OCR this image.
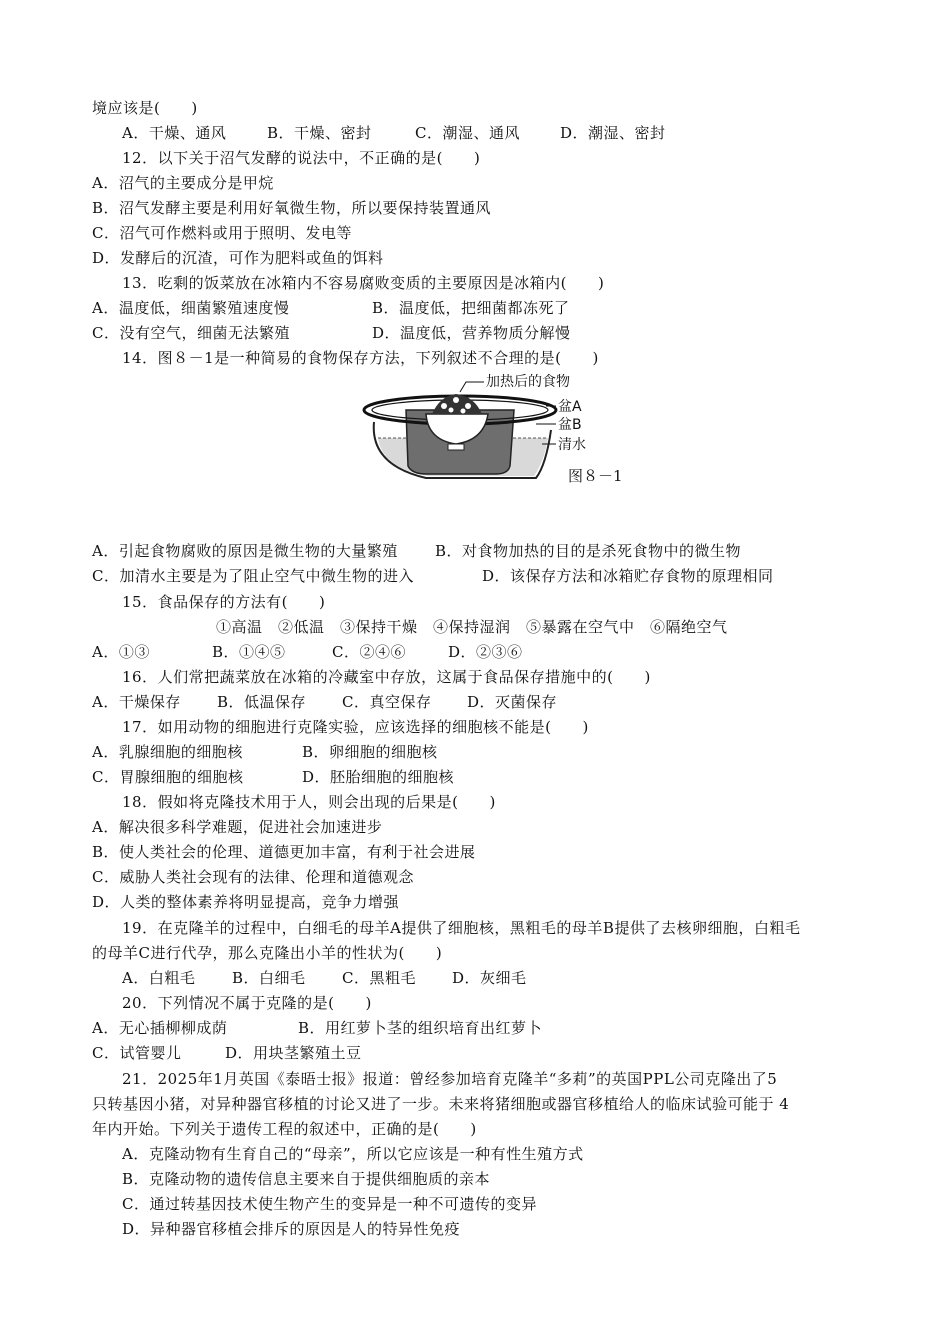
境应该是(　　)
A．干燥、通风	B．干燥、密封	C．潮湿、通风	D．潮湿、密封
12．以下关于沼气发酵的说法中，不正确的是(　　)
A．沼气的主要成分是甲烷
B．沼气发酵主要是利用好氧微生物，所以要保持装置通风
C．沼气可作燃料或用于照明、发电等
D．发酵后的沉渣，可作为肥料或鱼的饵料
13．吃剩的饭菜放在冰箱内不容易腐败变质的主要原因是冰箱内(　　)
A．温度低，细菌繁殖速度慢	B．温度低，把细菌都冻死了
C．没有空气，细菌无法繁殖	D．温度低，营养物质分解慢
14．图８－1是一种简易的食物保存方法，下列叙述不合理的是(　　)
加热后的食物
盆A
盆B
清水
图８－1
A．引起食物腐败的原因是微生物的大量繁殖 B．对食物加热的目的是杀死食物中的微生物
C．加清水主要是为了阻止空气中微生物的进入	D．该保存方法和冰箱贮存食物的原理相同
15．食品保存的方法有(　　)
①高温　②低温　③保持干燥　④保持湿润　⑤暴露在空气中　⑥隔绝空气
A．①③	B．①④⑤	C．②④⑥	D．②③⑥
16．人们常把蔬菜放在冰箱的冷藏室中存放，这属于食品保存措施中的(　　)
A．干燥保存 B．低温保存 C．真空保存 D．灭菌保存
17．如用动物的细胞进行克隆实验，应该选择的细胞核不能是(　　)
A．乳腺细胞的细胞核	B．卵细胞的细胞核
C．胃腺细胞的细胞核	D．胚胎细胞的细胞核
18．假如将克隆技术用于人，则会出现的后果是(　　)
A．解决很多科学难题，促进社会加速进步
B．使人类社会的伦理、道德更加丰富，有利于社会进展
C．威胁人类社会现有的法律、伦理和道德观念
D．人类的整体素养将明显提高，竞争力增强
19．在克隆羊的过程中，白细毛的母羊A提供了细胞核，黑粗毛的母羊B提供了去核卵细胞，白粗毛
的母羊C进行代孕，那么克隆出小羊的性状为(　　)
A．白粗毛 B．白细毛 C．黑粗毛 D．灰细毛
20．下列情况不属于克隆的是(　　)
A．无心插柳柳成荫	B．用红萝卜茎的组织培育出红萝卜
C．试管婴儿	D．用块茎繁殖土豆
21．2025年1月英国《泰晤士报》报道：曾经参加培育克隆羊“多莉”的英国PPL公司克隆出了5
只转基因小猪，对异种器官移植的讨论又进了一步。未来将猪细胞或器官移植给人的临床试验可能于 4
年内开始。下列关于遗传工程的叙述中，正确的是(　　)
A．克隆动物有生育自己的“母亲”，所以它应该是一种有性生殖方式
B．克隆动物的遗传信息主要来自于提供细胞质的亲本
C．通过转基因技术使生物产生的变异是一种不可遗传的变异
D．异种器官移植会排斥的原因是人的特异性免疫
